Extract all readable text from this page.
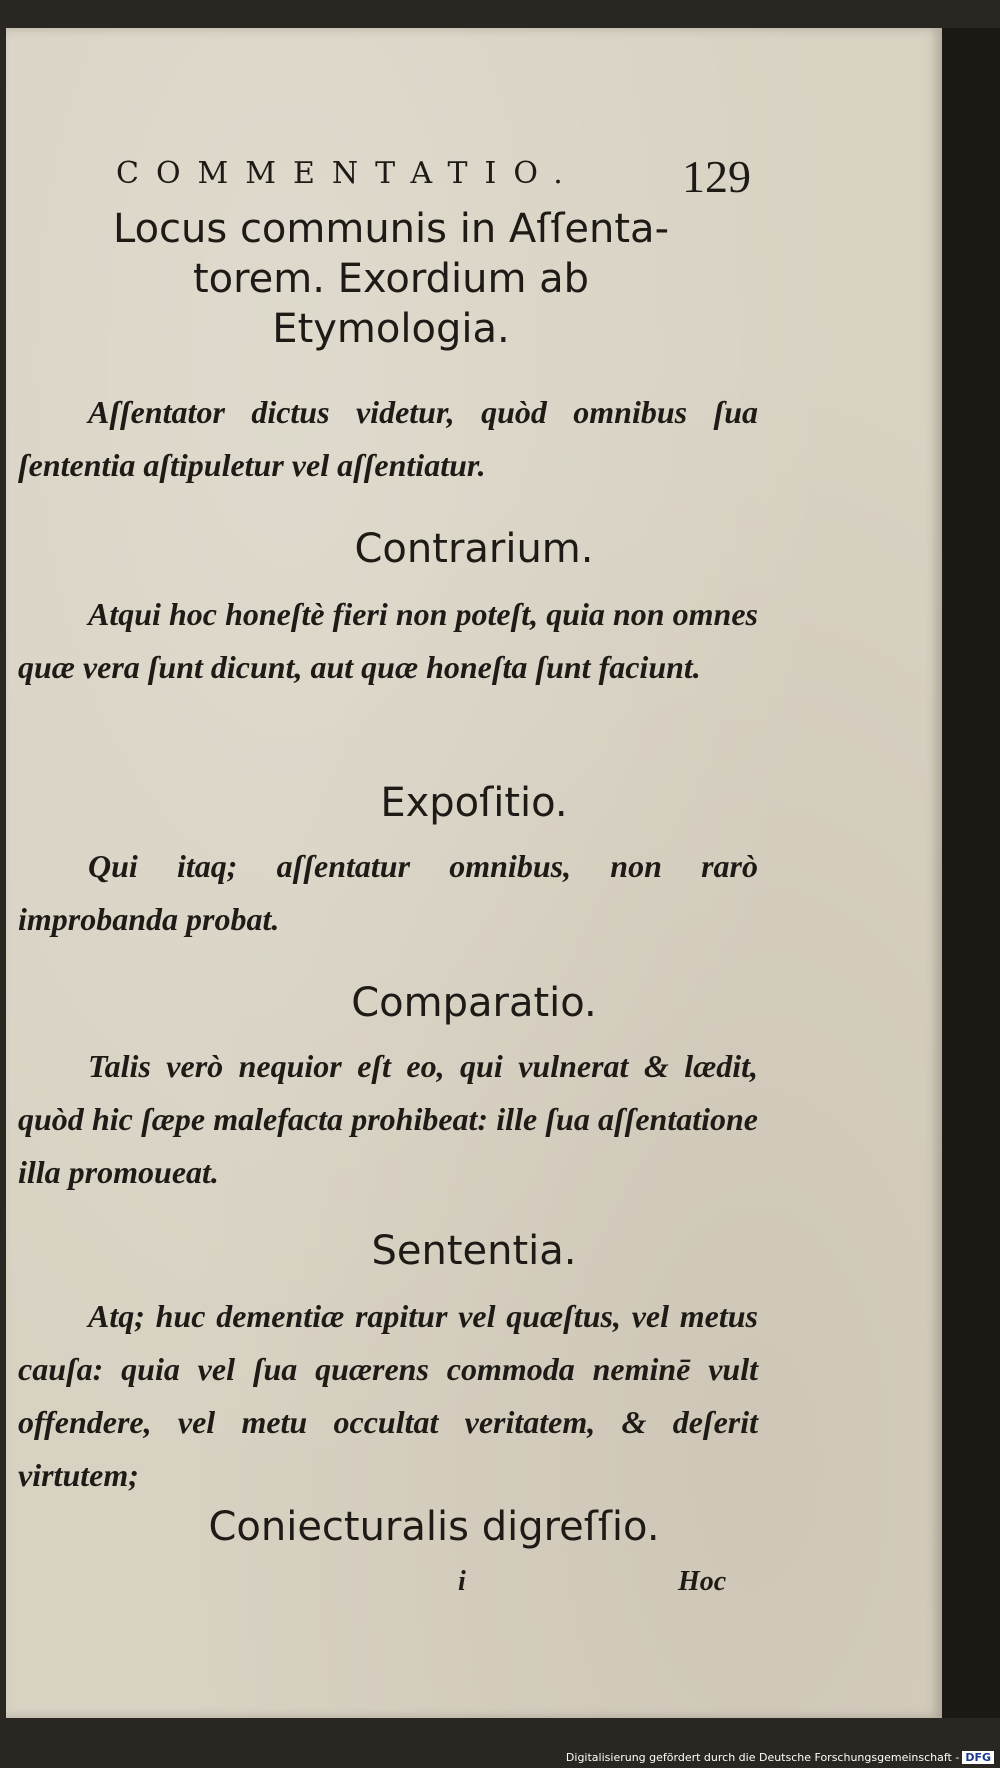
COMMENTATIO.	129
Locus communis in Aſſenta-
torem. Exordium ab
Etymologia.
Aſſentator dictus videtur, quòd omnibus ſua ſententia aſtipuletur vel aſſentiatur.
Contrarium.
Atqui hoc honeſtè fieri non poteſt, quia non omnes quæ vera ſunt dicunt, aut quæ honeſta ſunt faciunt.
Expoſitio.
Qui itaq; aſſentatur omnibus, non rarò improbanda probat.
Comparatio.
Talis verò nequior eſt eo, qui vulnerat & lædit, quòd hic ſæpe malefacta prohibeat: ille ſua aſſentatione illa promoueat.
Sententia.
Atq; huc dementiæ rapitur vel quæſtus, vel metus cauſa: quia vel ſua quærens commoda neminē vult offendere, vel metu occultat veritatem, & deſerit virtutem;
Coniecturalis digreſſio.
i	Hoc
Digitalisierung gefördert durch die Deutsche Forschungsgemeinschaft - DFG
